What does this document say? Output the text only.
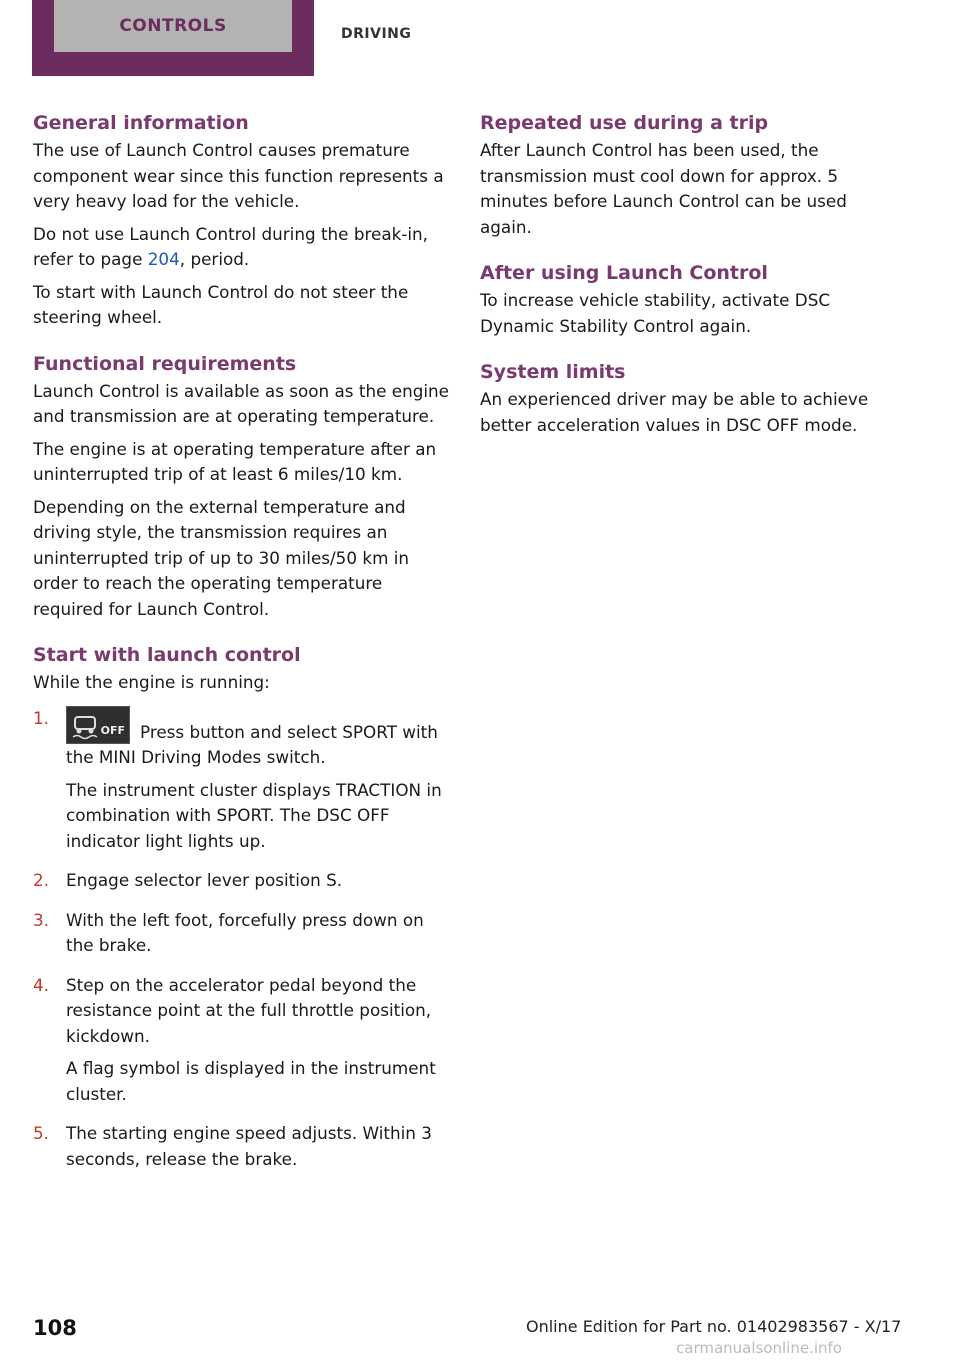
CONTROLS	DRIVING
General information

The use of Launch Control causes premature component wear since this function represents a very heavy load for the vehicle.

Do not use Launch Control during the break-in, refer to page 204, period.

To start with Launch Control do not steer the steering wheel.

Functional requirements

Launch Control is available as soon as the engine and transmission are at operating temperature.

The engine is at operating temperature after an uninterrupted trip of at least 6 miles/10 km.

Depending on the external temperature and driving style, the transmission requires an uninterrupted trip of up to 30 miles/50 km in order to reach the operating temperature required for Launch Control.

Start with launch control

While the engine is running:

1.

OFF Press button and select SPORT with the MINI Driving Modes switch.

The instrument cluster displays TRACTION in combination with SPORT. The DSC OFF indicator light lights up.

2.	Engage selector lever position S.

3.	With the left foot, forcefully press down on the brake.

4.	Step on the accelerator pedal beyond the resistance point at the full throttle position, kickdown.

A flag symbol is displayed in the instrument cluster.

5.	The starting engine speed adjusts. Within 3 seconds, release the brake.

Repeated use during a trip

After Launch Control has been used, the transmission must cool down for approx. 5 minutes before Launch Control can be used again.

After using Launch Control

To increase vehicle stability, activate DSC Dynamic Stability Control again.

System limits

An experienced driver may be able to achieve better acceleration values in DSC OFF mode.

108	Online Edition for Part no. 01402983567 - X/17
carmanualsonline.info
